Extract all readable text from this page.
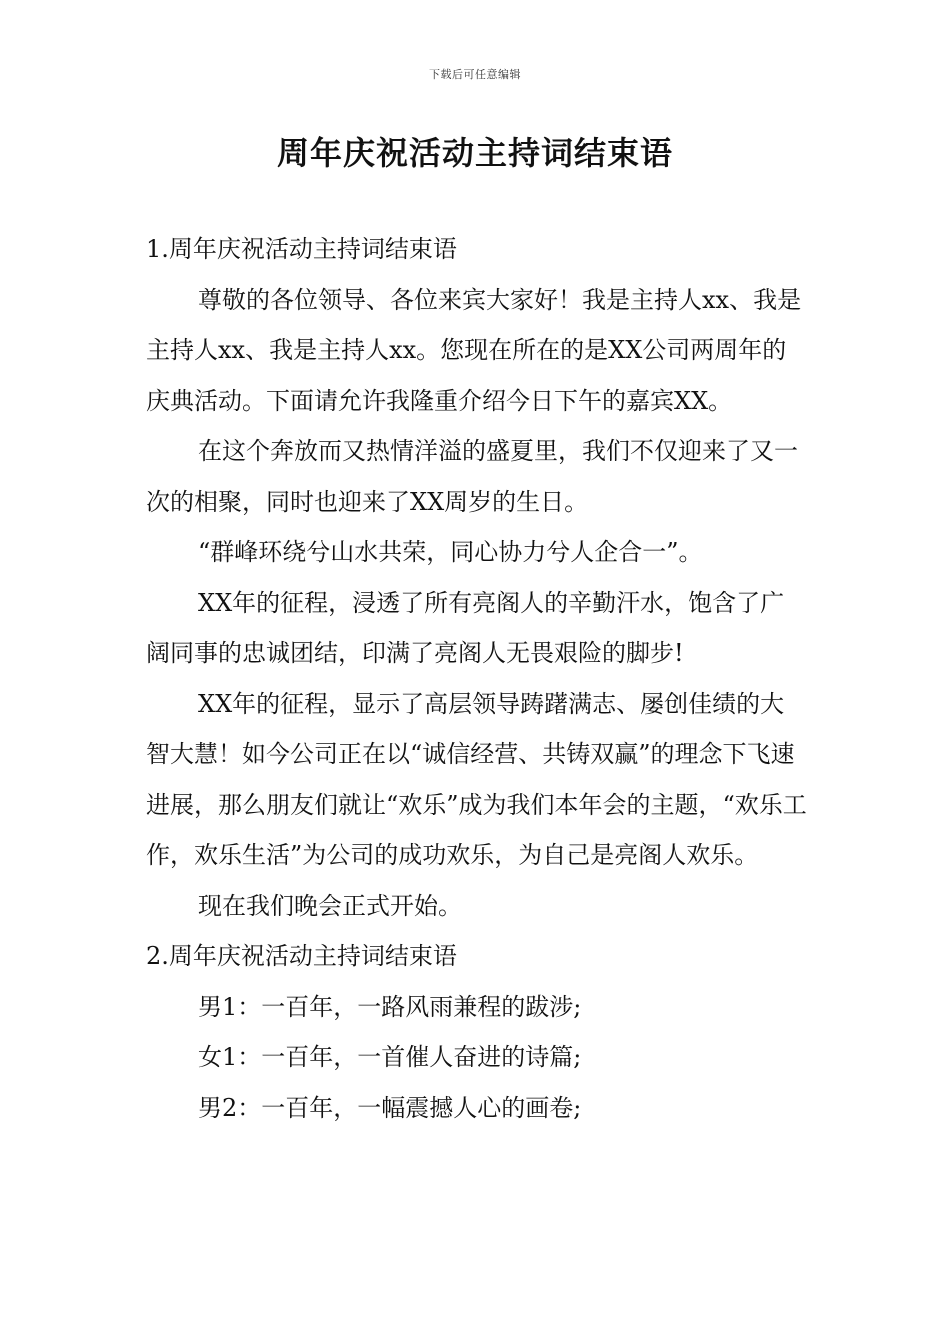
下载后可任意编辑
周年庆祝活动主持词结束语

1.周年庆祝活动主持词结束语

尊敬的各位领导、各位来宾大家好！我是主持人xx、我是主持人xx、我是主持人xx。您现在所在的是XX公司两周年的庆典活动。下面请允许我隆重介绍今日下午的嘉宾XX。

在这个奔放而又热情洋溢的盛夏里，我们不仅迎来了又一次的相聚，同时也迎来了XX周岁的生日。

“群峰环绕兮山水共荣，同心协力兮人企合一”。

XX年的征程，浸透了所有亮阁人的辛勤汗水，饱含了广阔同事的忠诚团结，印满了亮阁人无畏艰险的脚步!

XX年的征程，显示了高层领导踌躇满志、屡创佳绩的大智大慧！如今公司正在以“诚信经营、共铸双赢”的理念下飞速进展，那么朋友们就让“欢乐”成为我们本年会的主题，“欢乐工作，欢乐生活”为公司的成功欢乐，为自己是亮阁人欢乐。

现在我们晚会正式开始。

2.周年庆祝活动主持词结束语

男1：一百年，一路风雨兼程的跋涉;

女1：一百年，一首催人奋进的诗篇;

男2：一百年，一幅震撼人心的画卷;
